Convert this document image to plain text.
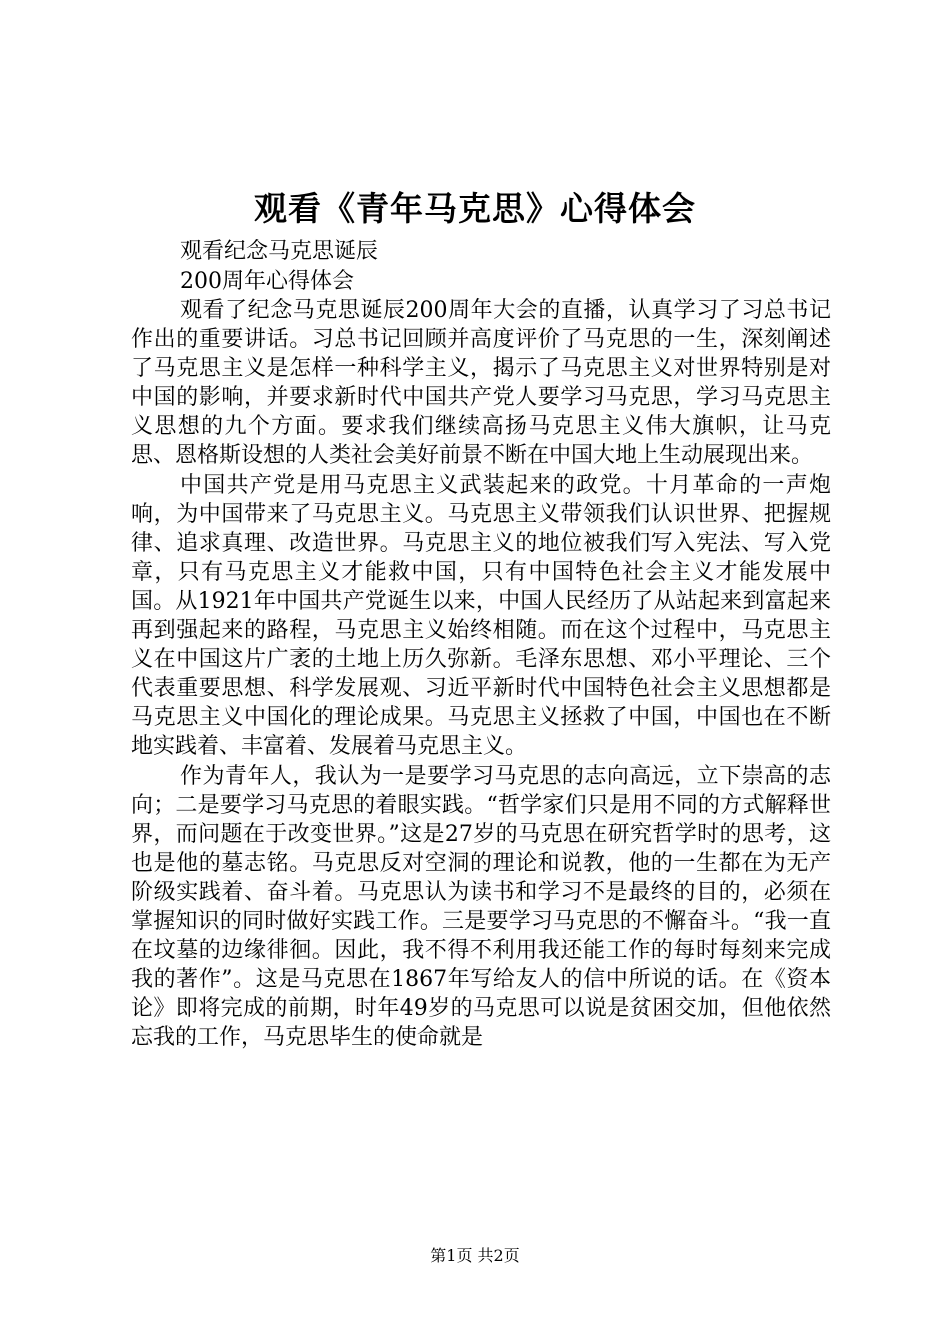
观看《青年马克思》心得体会
观看纪念马克思诞辰
200周年心得体会

观看了纪念马克思诞辰200周年大会的直播，认真学习了习总书记作出的重要讲话。习总书记回顾并高度评价了马克思的一生，深刻阐述了马克思主义是怎样一种科学主义，揭示了马克思主义对世界特别是对中国的影响，并要求新时代中国共产党人要学习马克思，学习马克思主义思想的九个方面。要求我们继续高扬马克思主义伟大旗帜，让马克思、恩格斯设想的人类社会美好前景不断在中国大地上生动展现出来。

中国共产党是用马克思主义武装起来的政党。十月革命的一声炮响，为中国带来了马克思主义。马克思主义带领我们认识世界、把握规律、追求真理、改造世界。马克思主义的地位被我们写入宪法、写入党章，只有马克思主义才能救中国，只有中国特色社会主义才能发展中国。从1921年中国共产党诞生以来，中国人民经历了从站起来到富起来再到强起来的路程，马克思主义始终相随。而在这个过程中，马克思主义在中国这片广袤的土地上历久弥新。毛泽东思想、邓小平理论、三个代表重要思想、科学发展观、习近平新时代中国特色社会主义思想都是马克思主义中国化的理论成果。马克思主义拯救了中国，中国也在不断地实践着、丰富着、发展着马克思主义。

作为青年人，我认为一是要学习马克思的志向高远，立下崇高的志向；二是要学习马克思的着眼实践。“哲学家们只是用不同的方式解释世界，而问题在于改变世界。”这是27岁的马克思在研究哲学时的思考，这也是他的墓志铭。马克思反对空洞的理论和说教，他的一生都在为无产阶级实践着、奋斗着。马克思认为读书和学习不是最终的目的，必须在掌握知识的同时做好实践工作。三是要学习马克思的不懈奋斗。“我一直在坟墓的边缘徘徊。因此，我不得不利用我还能工作的每时每刻来完成我的著作”。这是马克思在1867年写给友人的信中所说的话。在《资本论》即将完成的前期，时年49岁的马克思可以说是贫困交加，但他依然忘我的工作，马克思毕生的使命就是

第1页 共2页
